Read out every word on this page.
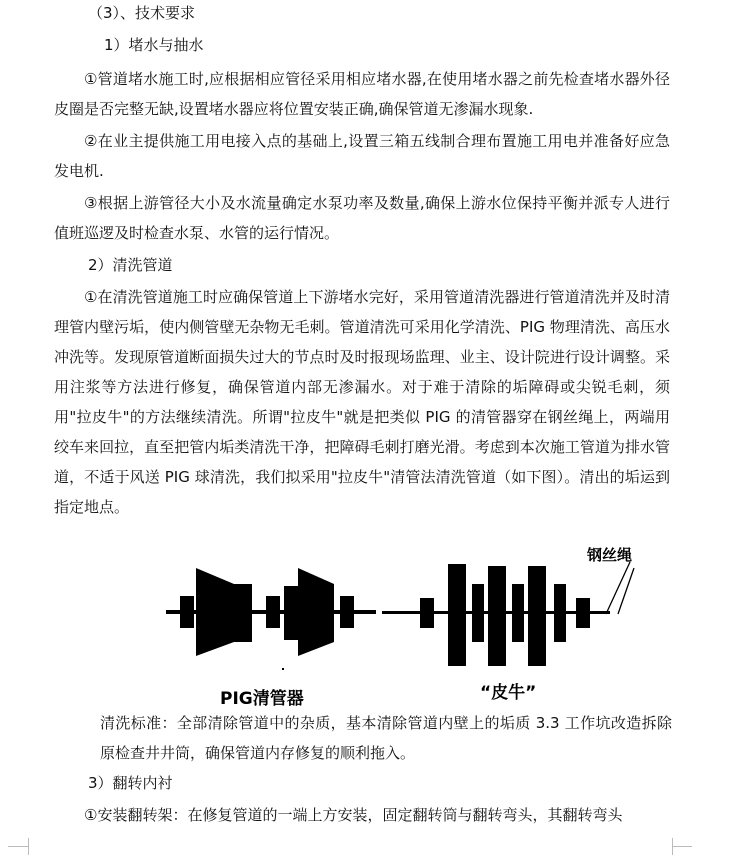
（3）、技术要求
1）堵水与抽水
①管道堵水施工时,应根据相应管径采用相应堵水器,在使用堵水器之前先检查堵水器外径皮圈是否完整无缺,设置堵水器应将位置安装正确,确保管道无渗漏水现象.
②在业主提供施工用电接入点的基础上,设置三箱五线制合理布置施工用电并准备好应急发电机.
③根据上游管径大小及水流量确定水泵功率及数量,确保上游水位保持平衡并派专人进行值班巡逻及时检查水泵、水管的运行情况。
2）清洗管道
①在清洗管道施工时应确保管道上下游堵水完好，采用管道清洗器进行管道清洗并及时清理管内壁污垢，使内侧管壁无杂物无毛刺。管道清洗可采用化学清洗、PIG 物理清洗、高压水冲洗等。发现原管道断面损失过大的节点时及时报现场监理、业主、设计院进行设计调整。采用注浆等方法进行修复，确保管道内部无渗漏水。对于难于清除的垢障碍或尖锐毛刺，须用"拉皮牛"的方法继续清洗。所谓"拉皮牛"就是把类似 PIG 的清管器穿在钢丝绳上，两端用绞车来回拉，直至把管内垢类清洗干净，把障碍毛刺打磨光滑。考虑到本次施工管道为排水管道，不适于风送 PIG 球清洗，我们拟采用"拉皮牛"清管法清洗管道（如下图）。清出的垢运到指定地点。
钢丝绳
PIG清管器	“皮牛”
清洗标准：全部清除管道中的杂质，基本清除管道内壁上的垢质 3.3 工作坑改造拆除原检查井井筒，确保管道内存修复的顺利拖入。
3）翻转内衬
①安装翻转架：在修复管道的一端上方安装，固定翻转筒与翻转弯头，其翻转弯头
